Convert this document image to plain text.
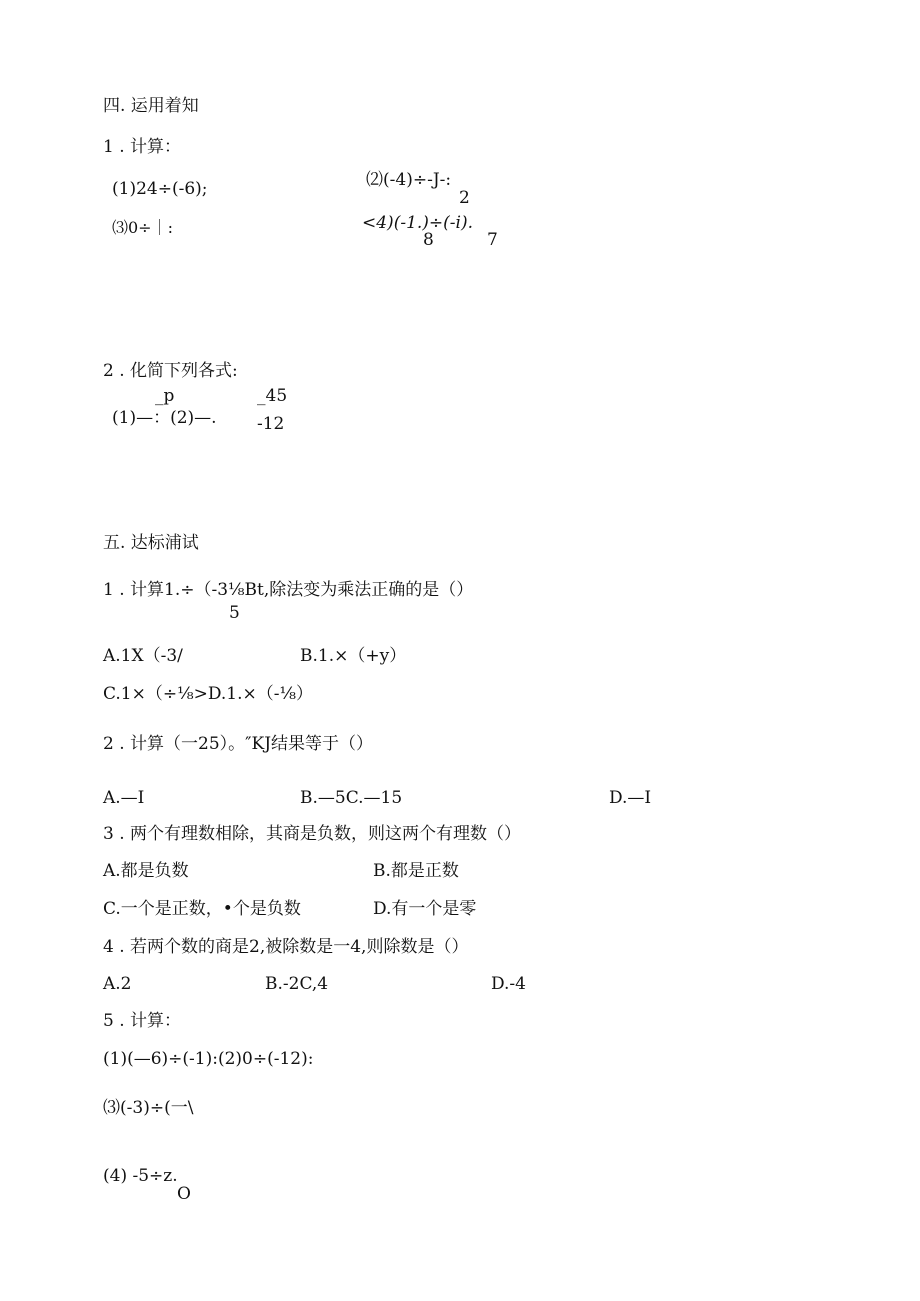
四. 运用着知
1 . 计算：
(1)24÷(-6);	⑵(-4)÷-J-:
2
⑶0÷｜:	<4)(-1.)÷(-i).
8	7
2 . 化简下列各式:
_p	_45
(1)—：(2)—. -12
五. 达标浦试
1 . 计算1.÷（-3⅛Bt,除法变为乘法正确的是（）
5
A.1X（-3/	B.1.×（+y）
C.1×（÷⅛>D.1.×（-⅛）
2 . 计算（一25）。″KJ结果等于（）
A.—I	B.—5C.—15	D.—I
3 . 两个有理数相除，其商是负数，则这两个有理数（）
A.都是负数	B.都是正数
C.一个是正数，•个是负数	D.有一个是零
4 . 若两个数的商是2,被除数是一4,则除数是（）
A.2	B.-2C,4	D.-4
5 . 计算：
(1)(—6)÷(-1):(2)0÷(-12):
⑶(-3)÷(一\
(4) -5÷z.
O
